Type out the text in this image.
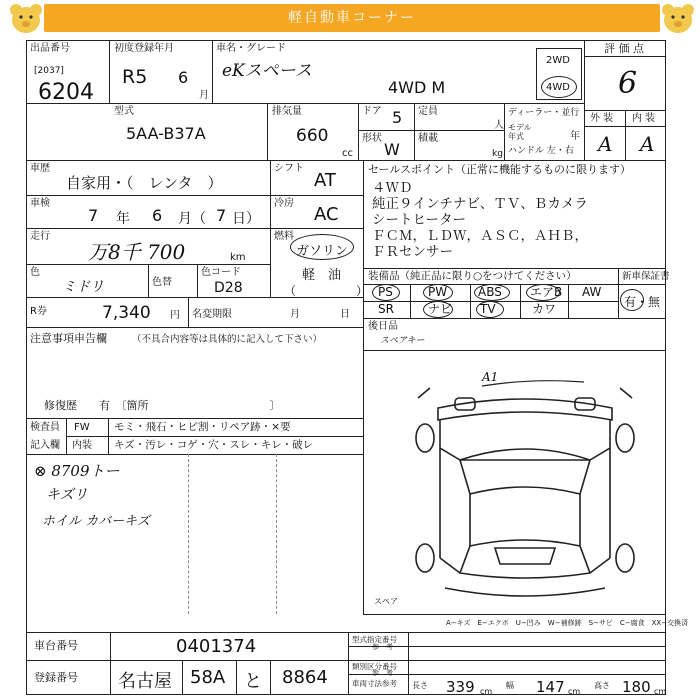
軽自動車コーナー
出品番号
[2037]
6204
初度登録年月
R5 6
月
車名・グレード
eKスペース
4WD M
2WD
4WD
評 価 点
6
外 装 内 装
A A
型式
5AA-B37A
排気量
660
cc
ドア 5
形状
W
定員
人
積載
kg
ディーラー・並行
モデル
年式	年
ハンドル 左・右
車歴
自家用・（　レンタ　）
シフト
AT
車検
7 年 6 月（ 7 日）
冷房
AC
走行
万8千 700	km
燃料
ガソリン
軽　油
色
ミドリ	色替
色コード
D28	（　　　　　）
R券	7,340 円 名変期限	月	日
注意事項申告欄	（不具合内容等は具体的に記入して下さい）
修復歴　　有　〔箇所　　　　　　　　　　　〕
検査員
記入欄
FW モミ・飛石・ヒビ割・リペア跡・×要
内装 キズ・汚レ・コゲ・穴・スレ・キレ・破レ
⊗ 8709トー
キズリ
ホイル カバーキズ
セールスポイント（正常に機能するものに限ります）
４ＷＤ
純正９インチナビ、ＴＶ、Ｂカメラ
シートヒーター
ＦＣＭ，ＬＤＷ，ＡＳＣ，ＡＨＢ，
ＦＲセンサー
装備品（純正品に限り○をつけてください）	新車保証書
PS	PW	ABS エアB AW
SR	ナビ TV	カワ	有・無
後日品
スペアキー
A1
スペア
A−キズ　E−エクボ　U−凹み　W−補修跡　S−サビ　C−腐食　XX−交換済
車台番号	0401374
登録番号 名古屋 58A と 8864
型式指定番号
参　考
類別区分番号
参　考
車両寸法参考 長さ 339 cm
幅 147 cm
高さ 180 cm
